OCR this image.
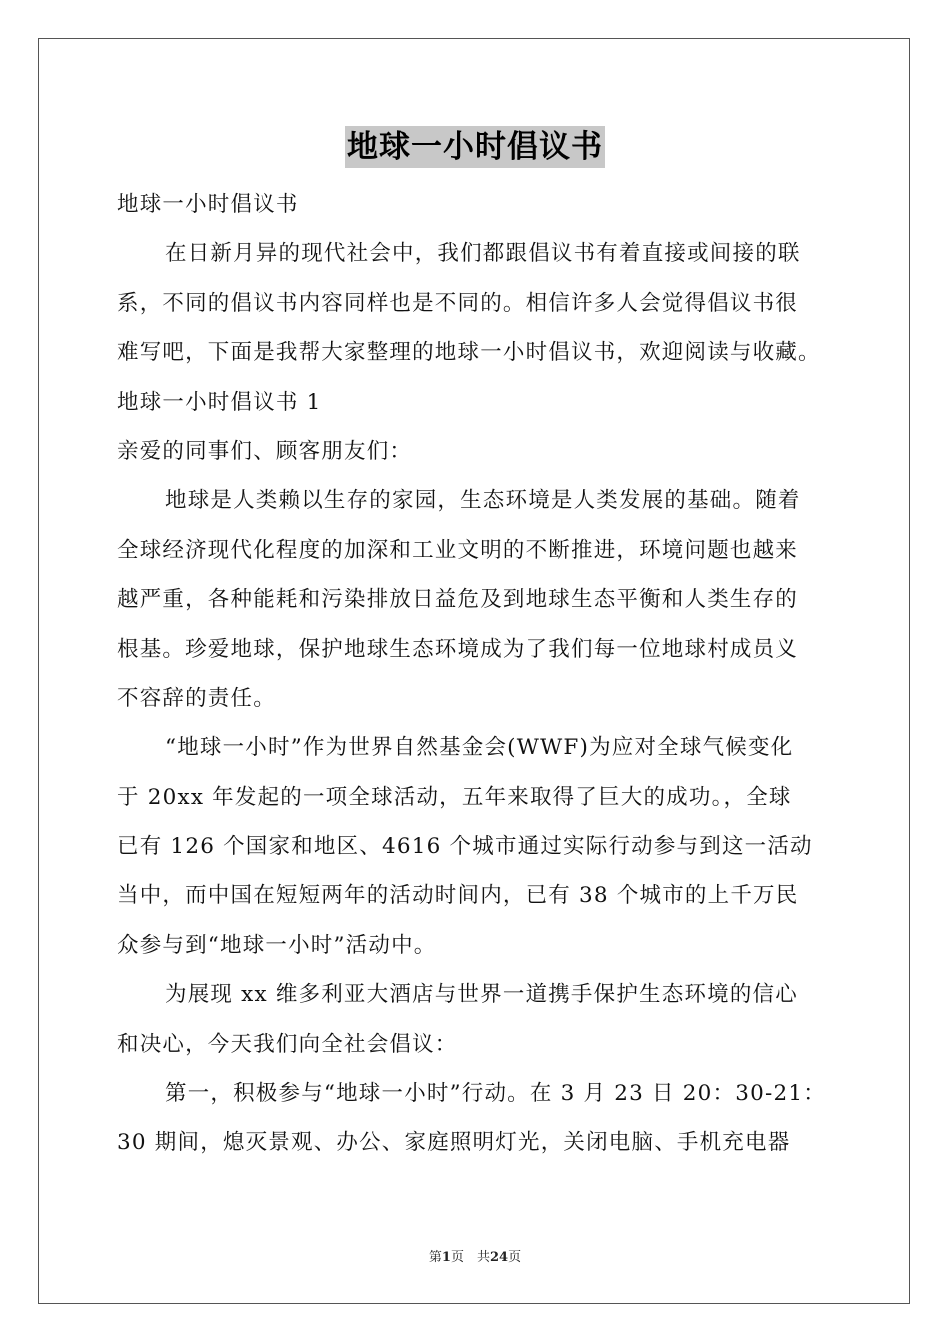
地球一小时倡议书
地球一小时倡议书
在日新月异的现代社会中，我们都跟倡议书有着直接或间接的联
系，不同的倡议书内容同样也是不同的。相信许多人会觉得倡议书很
难写吧，下面是我帮大家整理的地球一小时倡议书，欢迎阅读与收藏。
地球一小时倡议书 1
亲爱的同事们、顾客朋友们：
地球是人类赖以生存的家园，生态环境是人类发展的基础。随着
全球经济现代化程度的加深和工业文明的不断推进，环境问题也越来
越严重，各种能耗和污染排放日益危及到地球生态平衡和人类生存的
根基。珍爱地球，保护地球生态环境成为了我们每一位地球村成员义
不容辞的责任。
“地球一小时”作为世界自然基金会(WWF)为应对全球气候变化
于 20xx 年发起的一项全球活动，五年来取得了巨大的成功。，全球
已有 126 个国家和地区、4616 个城市通过实际行动参与到这一活动
当中，而中国在短短两年的活动时间内，已有 38 个城市的上千万民
众参与到“地球一小时”活动中。
为展现 xx 维多利亚大酒店与世界一道携手保护生态环境的信心
和决心，今天我们向全社会倡议：
第一，积极参与“地球一小时”行动。在 3 月 23 日 20：30-21：
30 期间，熄灭景观、办公、家庭照明灯光，关闭电脑、手机充电器
第1页　共24页
